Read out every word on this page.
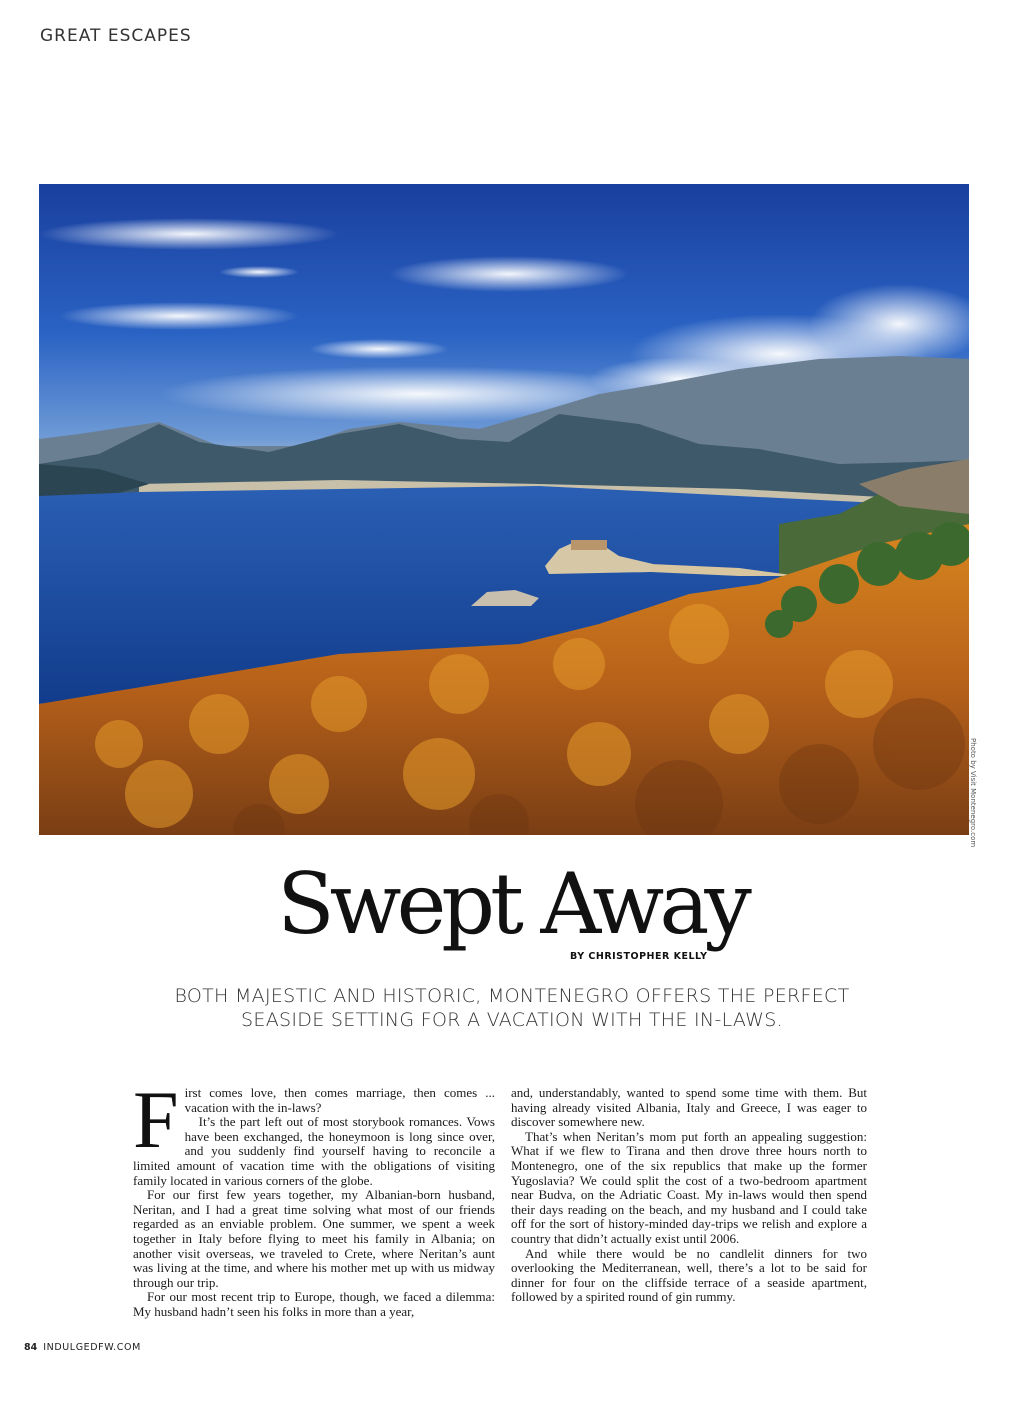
GREAT ESCAPES
Photo by Visit Montenegro.com
Swept Away
BY CHRISTOPHER KELLY
BOTH MAJESTIC AND HISTORIC, MONTENEGRO OFFERS THE PERFECT
SEASIDE SETTING FOR A VACATION WITH THE IN-LAWS.

First comes love, then comes marriage, then comes ... vacation with the in-laws?

It’s the part left out of most storybook romances. Vows have been exchanged, the honeymoon is long since over, and you suddenly find yourself having to reconcile a limited amount of vacation time with the obligations of visiting family located in various corners of the globe.

For our first few years together, my Albanian-born husband, Neritan, and I had a great time solving what most of our friends regarded as an enviable problem. One summer, we spent a week together in Italy before flying to meet his family in Albania; on another visit overseas, we traveled to Crete, where Neritan’s aunt was living at the time, and where his mother met up with us midway through our trip.

For our most recent trip to Europe, though, we faced a dilemma: My husband hadn’t seen his folks in more than a year,

and, understandably, wanted to spend some time with them. But having already visited Albania, Italy and Greece, I was eager to discover somewhere new.

That’s when Neritan’s mom put forth an appealing suggestion: What if we flew to Tirana and then drove three hours north to Montenegro, one of the six republics that make up the former Yugoslavia? We could split the cost of a two-bedroom apartment near Budva, on the Adriatic Coast. My in-laws would then spend their days reading on the beach, and my husband and I could take off for the sort of history-minded day-trips we relish and explore a country that didn’t actually exist until 2006.

And while there would be no candlelit dinners for two overlooking the Mediterranean, well, there’s a lot to be said for dinner for four on the cliffside terrace of a seaside apartment, followed by a spirited round of gin rummy.

84 INDULGEDFW.COM
